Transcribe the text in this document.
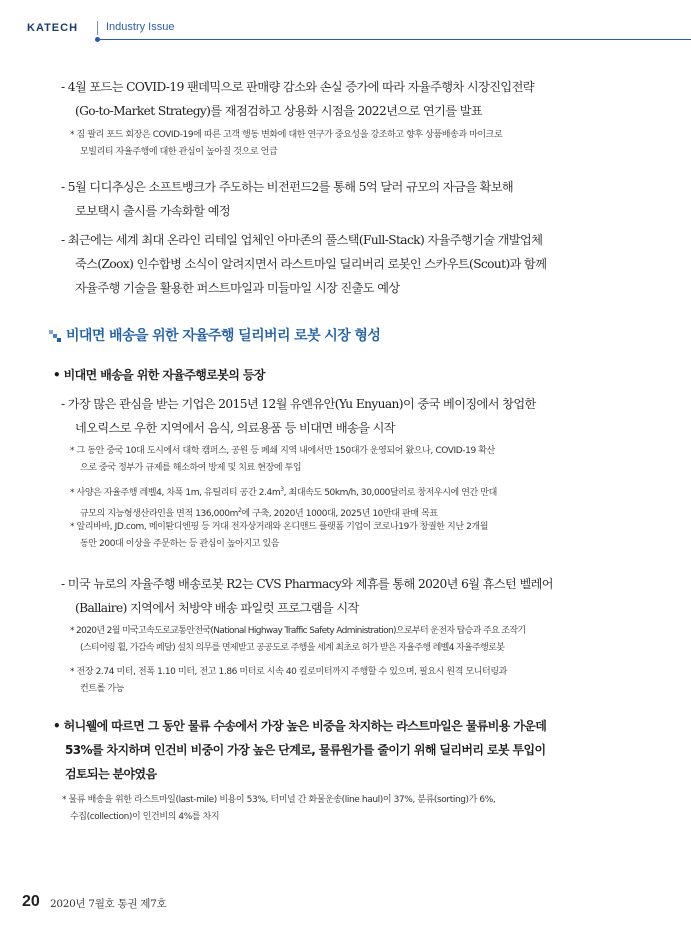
KATECH	Industry Issue
- 4월 포드는 COVID-19 팬데믹으로 판매량 감소와 손실 증가에 따라 자율주행차 시장진입전략
(Go-to-Market Strategy)를 재점검하고 상용화 시점을 2022년으로 연기를 발표
* 짐 팔리 포드 회장은 COVID-19에 따른 고객 행동 변화에 대한 연구가 중요성을 강조하고 향후 상품배송과 마이크로
모빌리티 자율주행에 대한 관심이 높아질 것으로 언급
- 5월 디디추싱은 소프트뱅크가 주도하는 비전펀드2를 통해 5억 달러 규모의 자금을 확보해
로보택시 출시를 가속화할 예정
- 최근에는 세계 최대 온라인 리테일 업체인 아마존의 풀스택(Full-Stack) 자율주행기술 개발업체
죽스(Zoox) 인수합병 소식이 알려지면서 라스트마일 딜리버리 로봇인 스카우트(Scout)과 함께
자율주행 기술을 활용한 퍼스트마일과 미들마일 시장 진출도 예상
비대면 배송을 위한 자율주행 딜리버리 로봇 시장 형성
• 비대면 배송을 위한 자율주행로봇의 등장
- 가장 많은 관심을 받는 기업은 2015년 12월 유엔유안(Yu Enyuan)이 중국 베이징에서 창업한
네오릭스로 우한 지역에서 음식, 의료용품 등 비대면 배송을 시작
* 그 동안 중국 10대 도시에서 대학 캠퍼스, 공원 등 폐쇄 지역 내에서만 150대가 운영되어 왔으나, COVID-19 확산
으로 중국 정부가 규제를 해소하여 방제 및 치료 현장에 투입
* 사양은 자율주행 레벨4, 차폭 1m, 유틸리티 공간 $2.4m^3$, 최대속도 50km/h, 30,000달러로 창저우시에 연간 만대
규모의 지능형생산라인을 면적 $136,000m^2$에 구축, 2020년 1000대, 2025년 10만대 판매 목표
* 알리바바, JD.com, 메이퇀디엔핑 등 거대 전자상거래와 온디맨드 플랫폼 기업이 코로나19가 창궐한 지난 2개월
동안 200대 이상을 주문하는 등 관심이 높아지고 있음
- 미국 뉴로의 자율주행 배송로봇 R2는 CVS Pharmacy와 제휴를 통해 2020년 6월 휴스턴 벨레어
(Ballaire) 지역에서 처방약 배송 파일럿 프로그램을 시작
* 2020년 2월 미국고속도로교통안전국(National Highway Traffic Safety Administration)으로부터 운전자 탑승과 주요 조작기
(스티어링 휠, 가감속 페달) 설치 의무를 면제받고 공공도로 주행을 세계 최초로 허가 받은 자율주행 레벨4 자율주행로봇
* 전장 2.74 미터, 전폭 1.10 미터, 전고 1.86 미터로 시속 40 킬로미터까지 주행할 수 있으며, 필요시 원격 모니터링과
컨트롤 가능
• 허니웰에 따르면 그 동안 물류 수송에서 가장 높은 비중을 차지하는 라스트마일은 물류비용 가운데
53%를 차지하며 인건비 비중이 가장 높은 단계로, 물류원가를 줄이기 위해 딜리버리 로봇 투입이
검토되는 분야였음
* 물류 배송을 위한 라스트마일(last-mile) 비용이 53%, 터미널 간 화물운송(line haul)이 37%, 분류(sorting)가 6%,
수집(collection)이 인건비의 4%를 차지
20 2020년 7월호 통권 제7호
